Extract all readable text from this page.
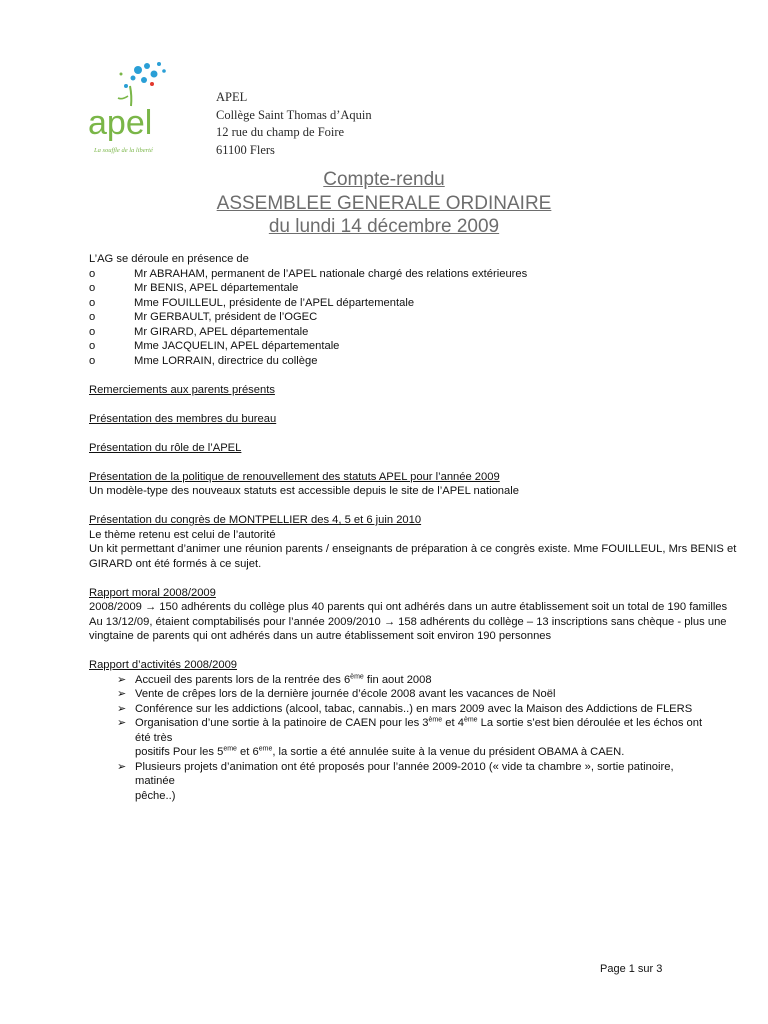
apel
La souffle de la liberté
APEL
Collège Saint Thomas d’Aquin
12 rue du champ de Foire
61100 Flers
Compte-rendu
ASSEMBLEE GENERALE ORDINAIRE
du lundi 14 décembre 2009
L’AG se déroule en présence de
o	Mr ABRAHAM, permanent de l’APEL nationale chargé des relations extérieures
o	Mr BENIS, APEL départementale
o	Mme FOUILLEUL, présidente de l’APEL départementale
o	Mr GERBAULT, président de l’OGEC
o	Mr GIRARD, APEL départementale
o	Mme JACQUELIN, APEL départementale
o	Mme LORRAIN, directrice du collège
Remerciements aux parents présents
Présentation des membres du bureau
Présentation du rôle de l’APEL
Présentation de la politique de renouvellement des statuts APEL pour l’année 2009
Un modèle-type des nouveaux statuts est accessible depuis le site de l’APEL nationale
Présentation du congrès de MONTPELLIER des 4, 5 et 6 juin 2010
Le thème retenu est celui de l’autorité
Un kit permettant d’animer une réunion parents / enseignants de préparation à ce congrès existe. Mme FOUILLEUL, Mrs BENIS et
GIRARD ont été formés à ce sujet.
Rapport moral 2008/2009
2008/2009 → 150 adhérents du collège plus 40 parents qui ont adhérés dans un autre établissement soit un total de 190 familles
Au 13/12/09, étaient comptabilisés pour l’année 2009/2010 → 158 adhérents du collège – 13 inscriptions sans chèque - plus une
vingtaine de parents qui ont adhérés dans un autre établissement soit environ 190 personnes
Rapport d’activités 2008/2009
➢ Accueil des parents lors de la rentrée des 6ème fin aout 2008
➢ Vente de crêpes lors de la dernière journée d’école 2008 avant les vacances de Noël
➢ Conférence sur les addictions (alcool, tabac, cannabis..) en mars 2009 avec la Maison des Addictions de FLERS
➢ Organisation d’une sortie à la patinoire de CAEN pour les 3ème et 4ème La sortie s’est bien déroulée et les échos ont été très
positifs Pour les 5eme et 6eme, la sortie a été annulée suite à la venue du président OBAMA à CAEN.
➢ Plusieurs projets d’animation ont été proposés pour l’année 2009-2010 (« vide ta chambre », sortie patinoire, matinée
pêche..)
Page 1 sur 3
